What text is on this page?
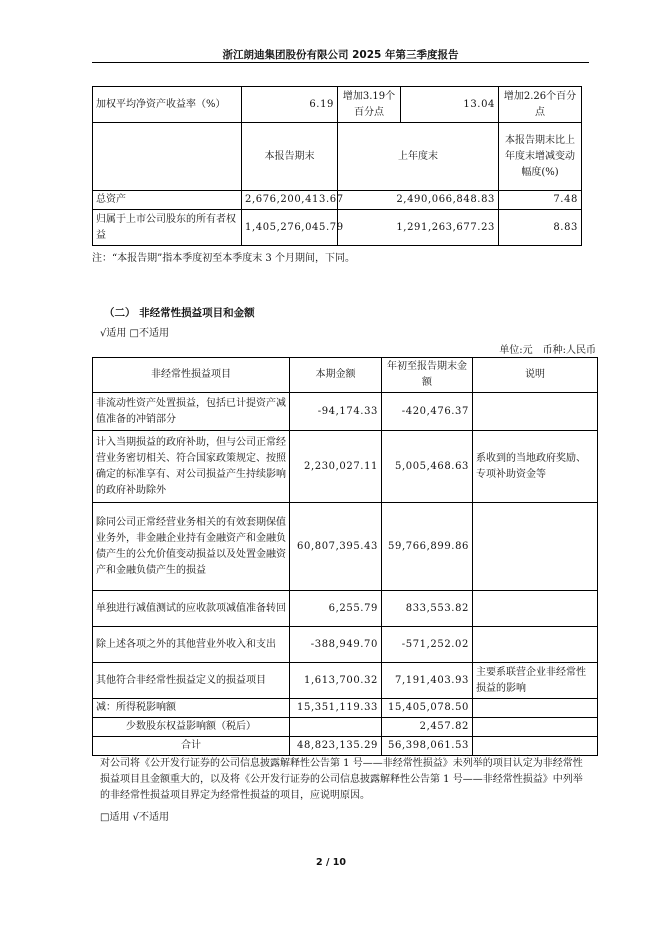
浙江朗迪集团股份有限公司 2025 年第三季度报告
加权平均净资产收益率（%）	6.19	增加3.19个百分点	13.04	增加2.26个百分点
	本报告期末	上年度末		本报告期末比上年度末增减变动幅度(%)
总资产	2,676,200,413.67	2,490,066,848.83		7.48
归属于上市公司股东的所有者权益	1,405,276,045.79	1,291,263,677.23		8.83
注：“本报告期”指本季度初至本季度末 3 个月期间，下同。
（二） 非经常性损益项目和金额
√适用 □不适用
单位:元　币种:人民币
非经常性损益项目	本期金额	年初至报告期末金额	说明
非流动性资产处置损益，包括已计提资产减值准备的冲销部分	-94,174.33	-420,476.37	
计入当期损益的政府补助，但与公司正常经营业务密切相关、符合国家政策规定、按照确定的标准享有、对公司损益产生持续影响的政府补助除外	2,230,027.11	5,005,468.63	系收到的当地政府奖励、专项补助资金等
除同公司正常经营业务相关的有效套期保值业务外，非金融企业持有金融资产和金融负债产生的公允价值变动损益以及处置金融资产和金融负债产生的损益	60,807,395.43	59,766,899.86	
单独进行减值测试的应收款项减值准备转回	6,255.79	833,553.82	
除上述各项之外的其他营业外收入和支出	-388,949.70	-571,252.02	
其他符合非经常性损益定义的损益项目	1,613,700.32	7,191,403.93	主要系联营企业非经常性损益的影响
减：所得税影响额	15,351,119.33	15,405,078.50	
少数股东权益影响额（税后）		2,457.82	
合计	48,823,135.29	56,398,061.53	
对公司将《公开发行证券的公司信息披露解释性公告第 1 号——非经常性损益》未列举的项目认定为非经常性损益项目且金额重大的，以及将《公开发行证券的公司信息披露解释性公告第 1 号——非经常性损益》中列举的非经常性损益项目界定为经常性损益的项目，应说明原因。
□适用 √不适用
2 / 10
